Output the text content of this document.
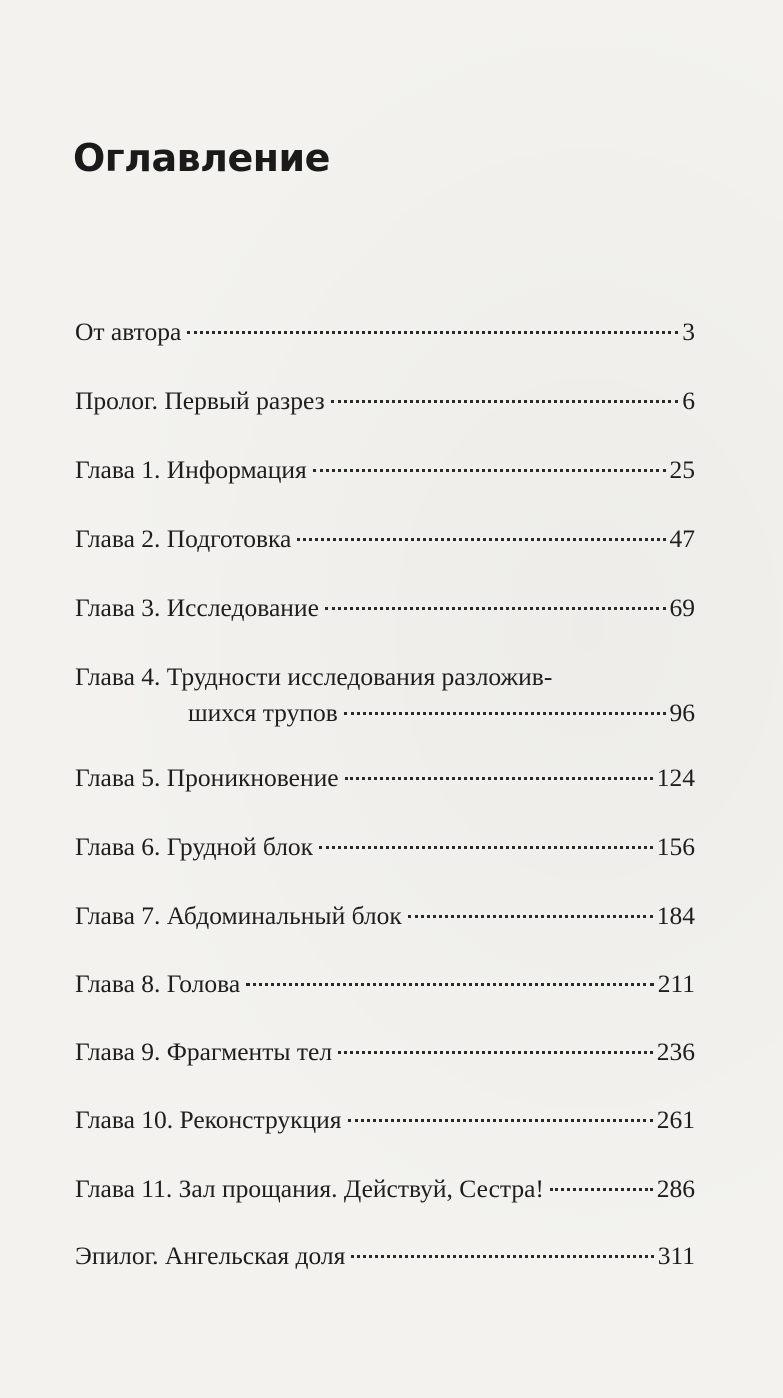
Оглавление
От автора	3
Пролог. Первый разрез	6
Глава 1. Информация	25
Глава 2. Подготовка	47
Глава 3. Исследование	69
Глава 4. Трудности исследования разложив-
шихся трупов	96
Глава 5. Проникновение	124
Глава 6. Грудной блок	156
Глава 7. Абдоминальный блок	184
Глава 8. Голова	211
Глава 9. Фрагменты тел	236
Глава 10. Реконструкция	261
Глава 11. Зал прощания. Действуй, Сестра!	286
Эпилог. Ангельская доля	311
